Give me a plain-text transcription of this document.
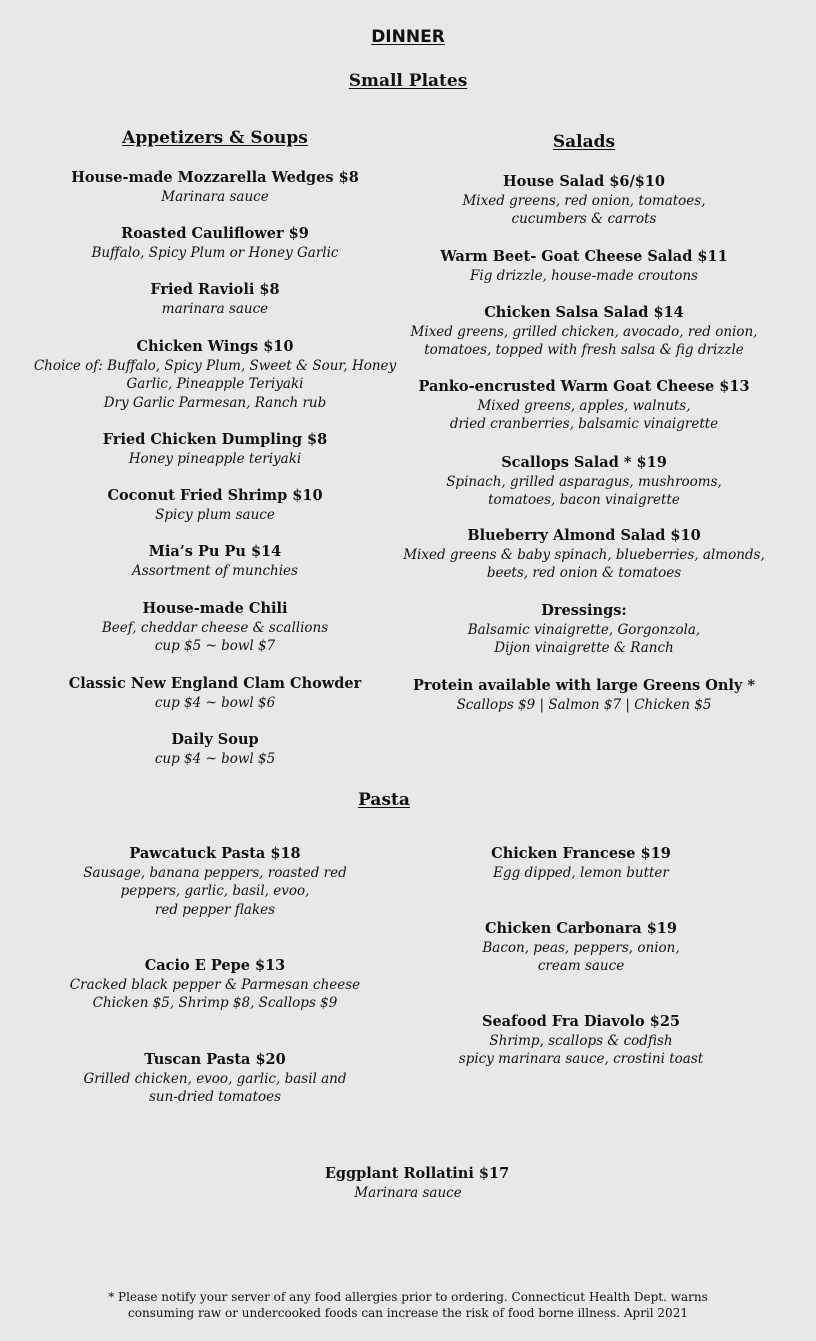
DINNER
Small Plates
Appetizers & Soups	Salads
House-made Mozzarella Wedges $8
Marinara sauce
Roasted Cauliflower $9
Buffalo, Spicy Plum or Honey Garlic
Fried Ravioli $8
marinara sauce
Chicken Wings $10
Choice of: Buffalo, Spicy Plum, Sweet & Sour, Honey
Garlic, Pineapple Teriyaki
Dry Garlic Parmesan, Ranch rub
Fried Chicken Dumpling $8
Honey pineapple teriyaki
Coconut Fried Shrimp $10
Spicy plum sauce
Mia’s Pu Pu $14
Assortment of munchies
House-made Chili
Beef, cheddar cheese & scallions
cup $5 ~ bowl $7
Classic New England Clam Chowder
cup $4 ~ bowl $6
Daily Soup
cup $4 ~ bowl $5
House Salad $6/$10
Mixed greens, red onion, tomatoes,
cucumbers & carrots
Warm Beet- Goat Cheese Salad $11
Fig drizzle, house-made croutons
Chicken Salsa Salad $14
Mixed greens, grilled chicken, avocado, red onion,
tomatoes, topped with fresh salsa & fig drizzle
Panko-encrusted Warm Goat Cheese $13
Mixed greens, apples, walnuts,
dried cranberries, balsamic vinaigrette
Scallops Salad * $19
Spinach, grilled asparagus, mushrooms,
tomatoes, bacon vinaigrette
Blueberry Almond Salad $10
Mixed greens & baby spinach, blueberries, almonds,
beets, red onion & tomatoes
Dressings:
Balsamic vinaigrette, Gorgonzola,
Dijon vinaigrette & Ranch
Protein available with large Greens Only *
Scallops $9 | Salmon $7 | Chicken $5
Pasta
Pawcatuck Pasta $18
Sausage, banana peppers, roasted red
peppers, garlic, basil, evoo,
red pepper flakes
Cacio E Pepe $13
Cracked black pepper & Parmesan cheese
Chicken $5, Shrimp $8, Scallops $9
Tuscan Pasta $20
Grilled chicken, evoo, garlic, basil and
sun-dried tomatoes
Chicken Francese $19
Egg dipped, lemon butter
Chicken Carbonara $19
Bacon, peas, peppers, onion,
cream sauce
Seafood Fra Diavolo $25
Shrimp, scallops & codfish
spicy marinara sauce, crostini toast
Eggplant Rollatini $17
Marinara sauce
* Please notify your server of any food allergies prior to ordering. Connecticut Health Dept. warns
consuming raw or undercooked foods can increase the risk of food borne illness. April 2021
